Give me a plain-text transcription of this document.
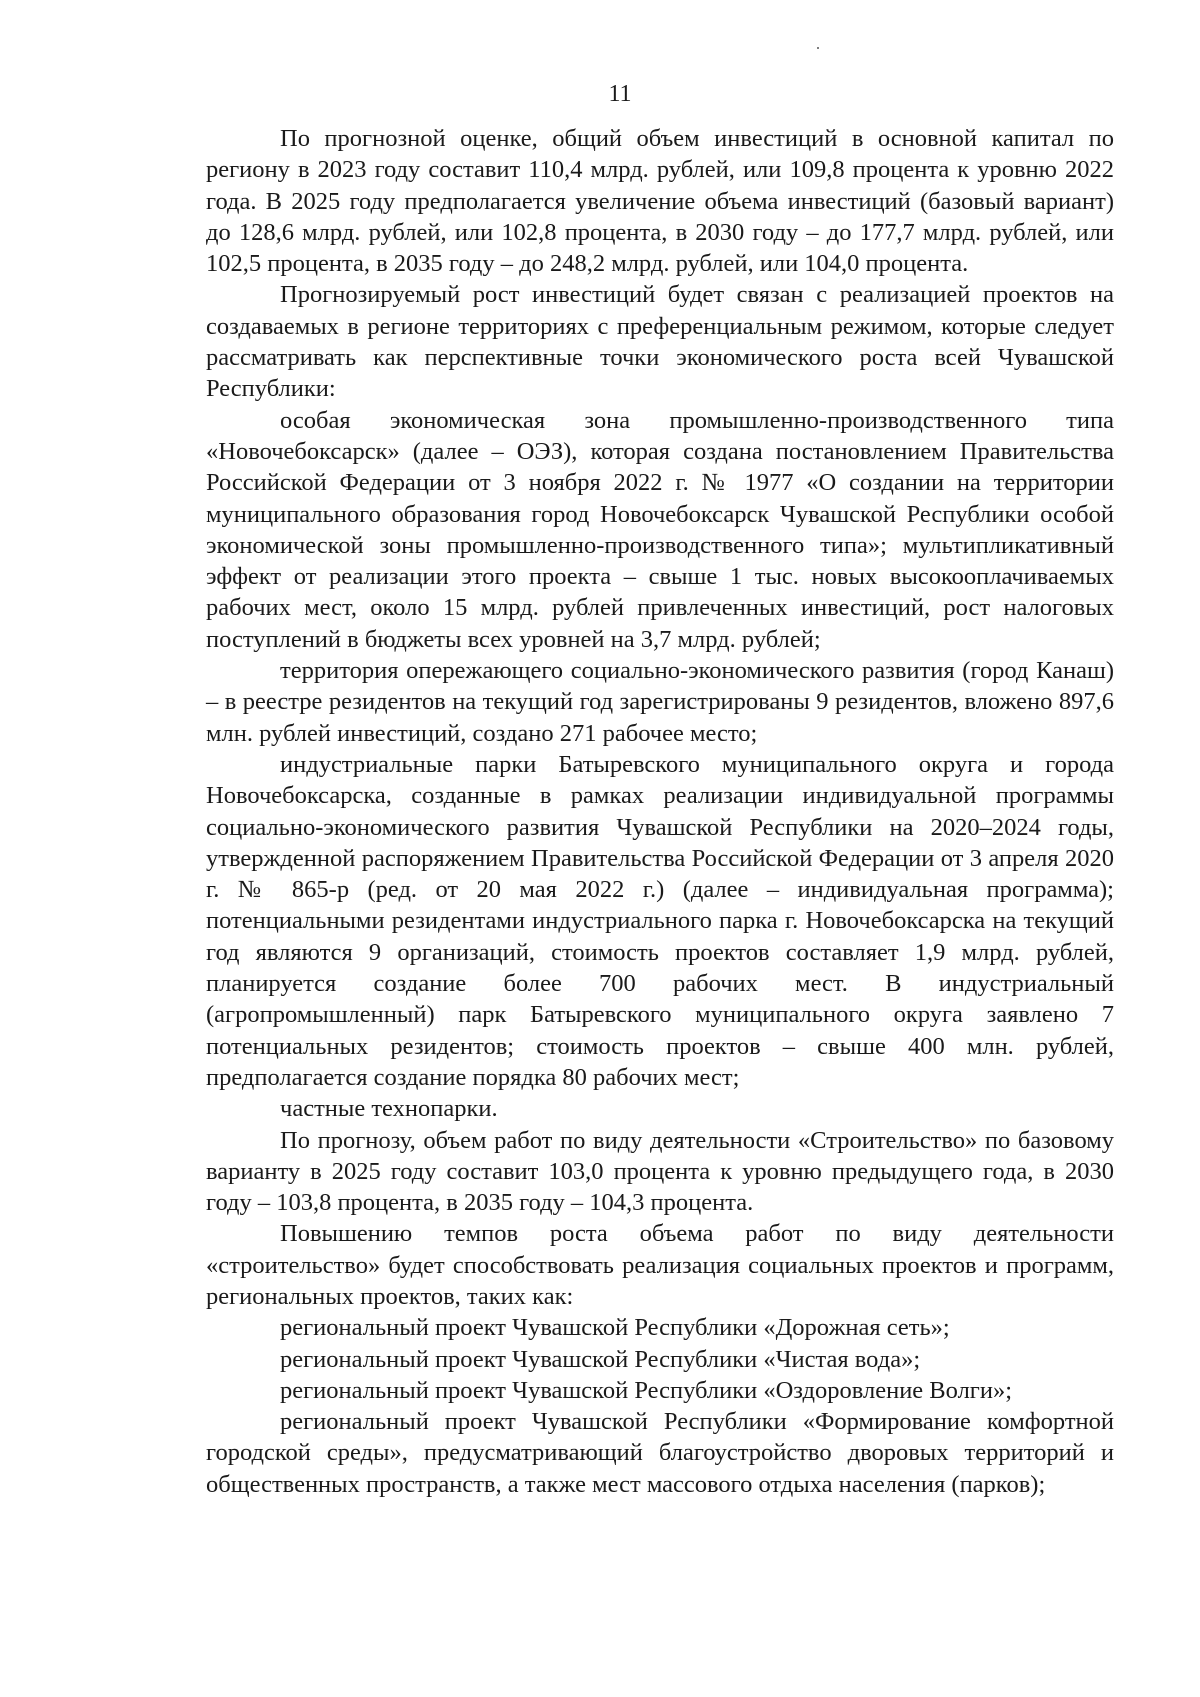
11

По прогнозной оценке, общий объем инвестиций в основной капитал по региону в 2023 году составит 110,4 млрд. рублей, или 109,8 процента к уровню 2022 года. В 2025 году предполагается увеличение объема инвестиций (базовый вариант) до 128,6 млрд. рублей, или 102,8 процента, в 2030 году – до 177,7 млрд. рублей, или 102,5 процента, в 2035 году – до 248,2 млрд. рублей, или 104,0 процента.

Прогнозируемый рост инвестиций будет связан с реализацией проектов на создаваемых в регионе территориях с преференциальным режимом, которые следует рассматривать как перспективные точки экономического роста всей Чувашской Республики:

особая экономическая зона промышленно-производственного типа «Новочебоксарск» (далее – ОЭЗ), которая создана постановлением Правительства Российской Федерации от 3 ноября 2022 г. № 1977 «О создании на территории муниципального образования город Новочебоксарск Чувашской Республики особой экономической зоны промышленно-производственного типа»; мультипликативный эффект от реализации этого проекта – свыше 1 тыс. новых высокооплачиваемых рабочих мест, около 15 млрд. рублей привлеченных инвестиций, рост налоговых поступлений в бюджеты всех уровней на 3,7 млрд. рублей;

территория опережающего социально-экономического развития (город Канаш) – в реестре резидентов на текущий год зарегистрированы 9 резидентов, вложено 897,6 млн. рублей инвестиций, создано 271 рабочее место;

индустриальные парки Батыревского муниципального округа и города Новочебоксарска, созданные в рамках реализации индивидуальной программы социально-экономического развития Чувашской Республики на 2020–2024 годы, утвержденной распоряжением Правительства Российской Федерации от 3 апреля 2020 г. № 865-р (ред. от 20 мая 2022 г.) (далее – индивидуальная программа); потенциальными резидентами индустриального парка г. Новочебоксарска на текущий год являются 9 организаций, стоимость проектов составляет 1,9 млрд. рублей, планируется создание более 700 рабочих мест. В индустриальный (агропромышленный) парк Батыревского муниципального округа заявлено 7 потенциальных резидентов; стоимость проектов – свыше 400 млн. рублей, предполагается создание порядка 80 рабочих мест;

частные технопарки.

По прогнозу, объем работ по виду деятельности «Строительство» по базовому варианту в 2025 году составит 103,0 процента к уровню предыдущего года, в 2030 году – 103,8 процента, в 2035 году – 104,3 процента.

Повышению темпов роста объема работ по виду деятельности «строительство» будет способствовать реализация социальных проектов и программ, региональных проектов, таких как:

региональный проект Чувашской Республики «Дорожная сеть»;

региональный проект Чувашской Республики «Чистая вода»;

региональный проект Чувашской Республики «Оздоровление Волги»;

региональный проект Чувашской Республики «Формирование комфортной городской среды», предусматривающий благоустройство дворовых территорий и общественных пространств, а также мест массового отдыха населения (парков);
